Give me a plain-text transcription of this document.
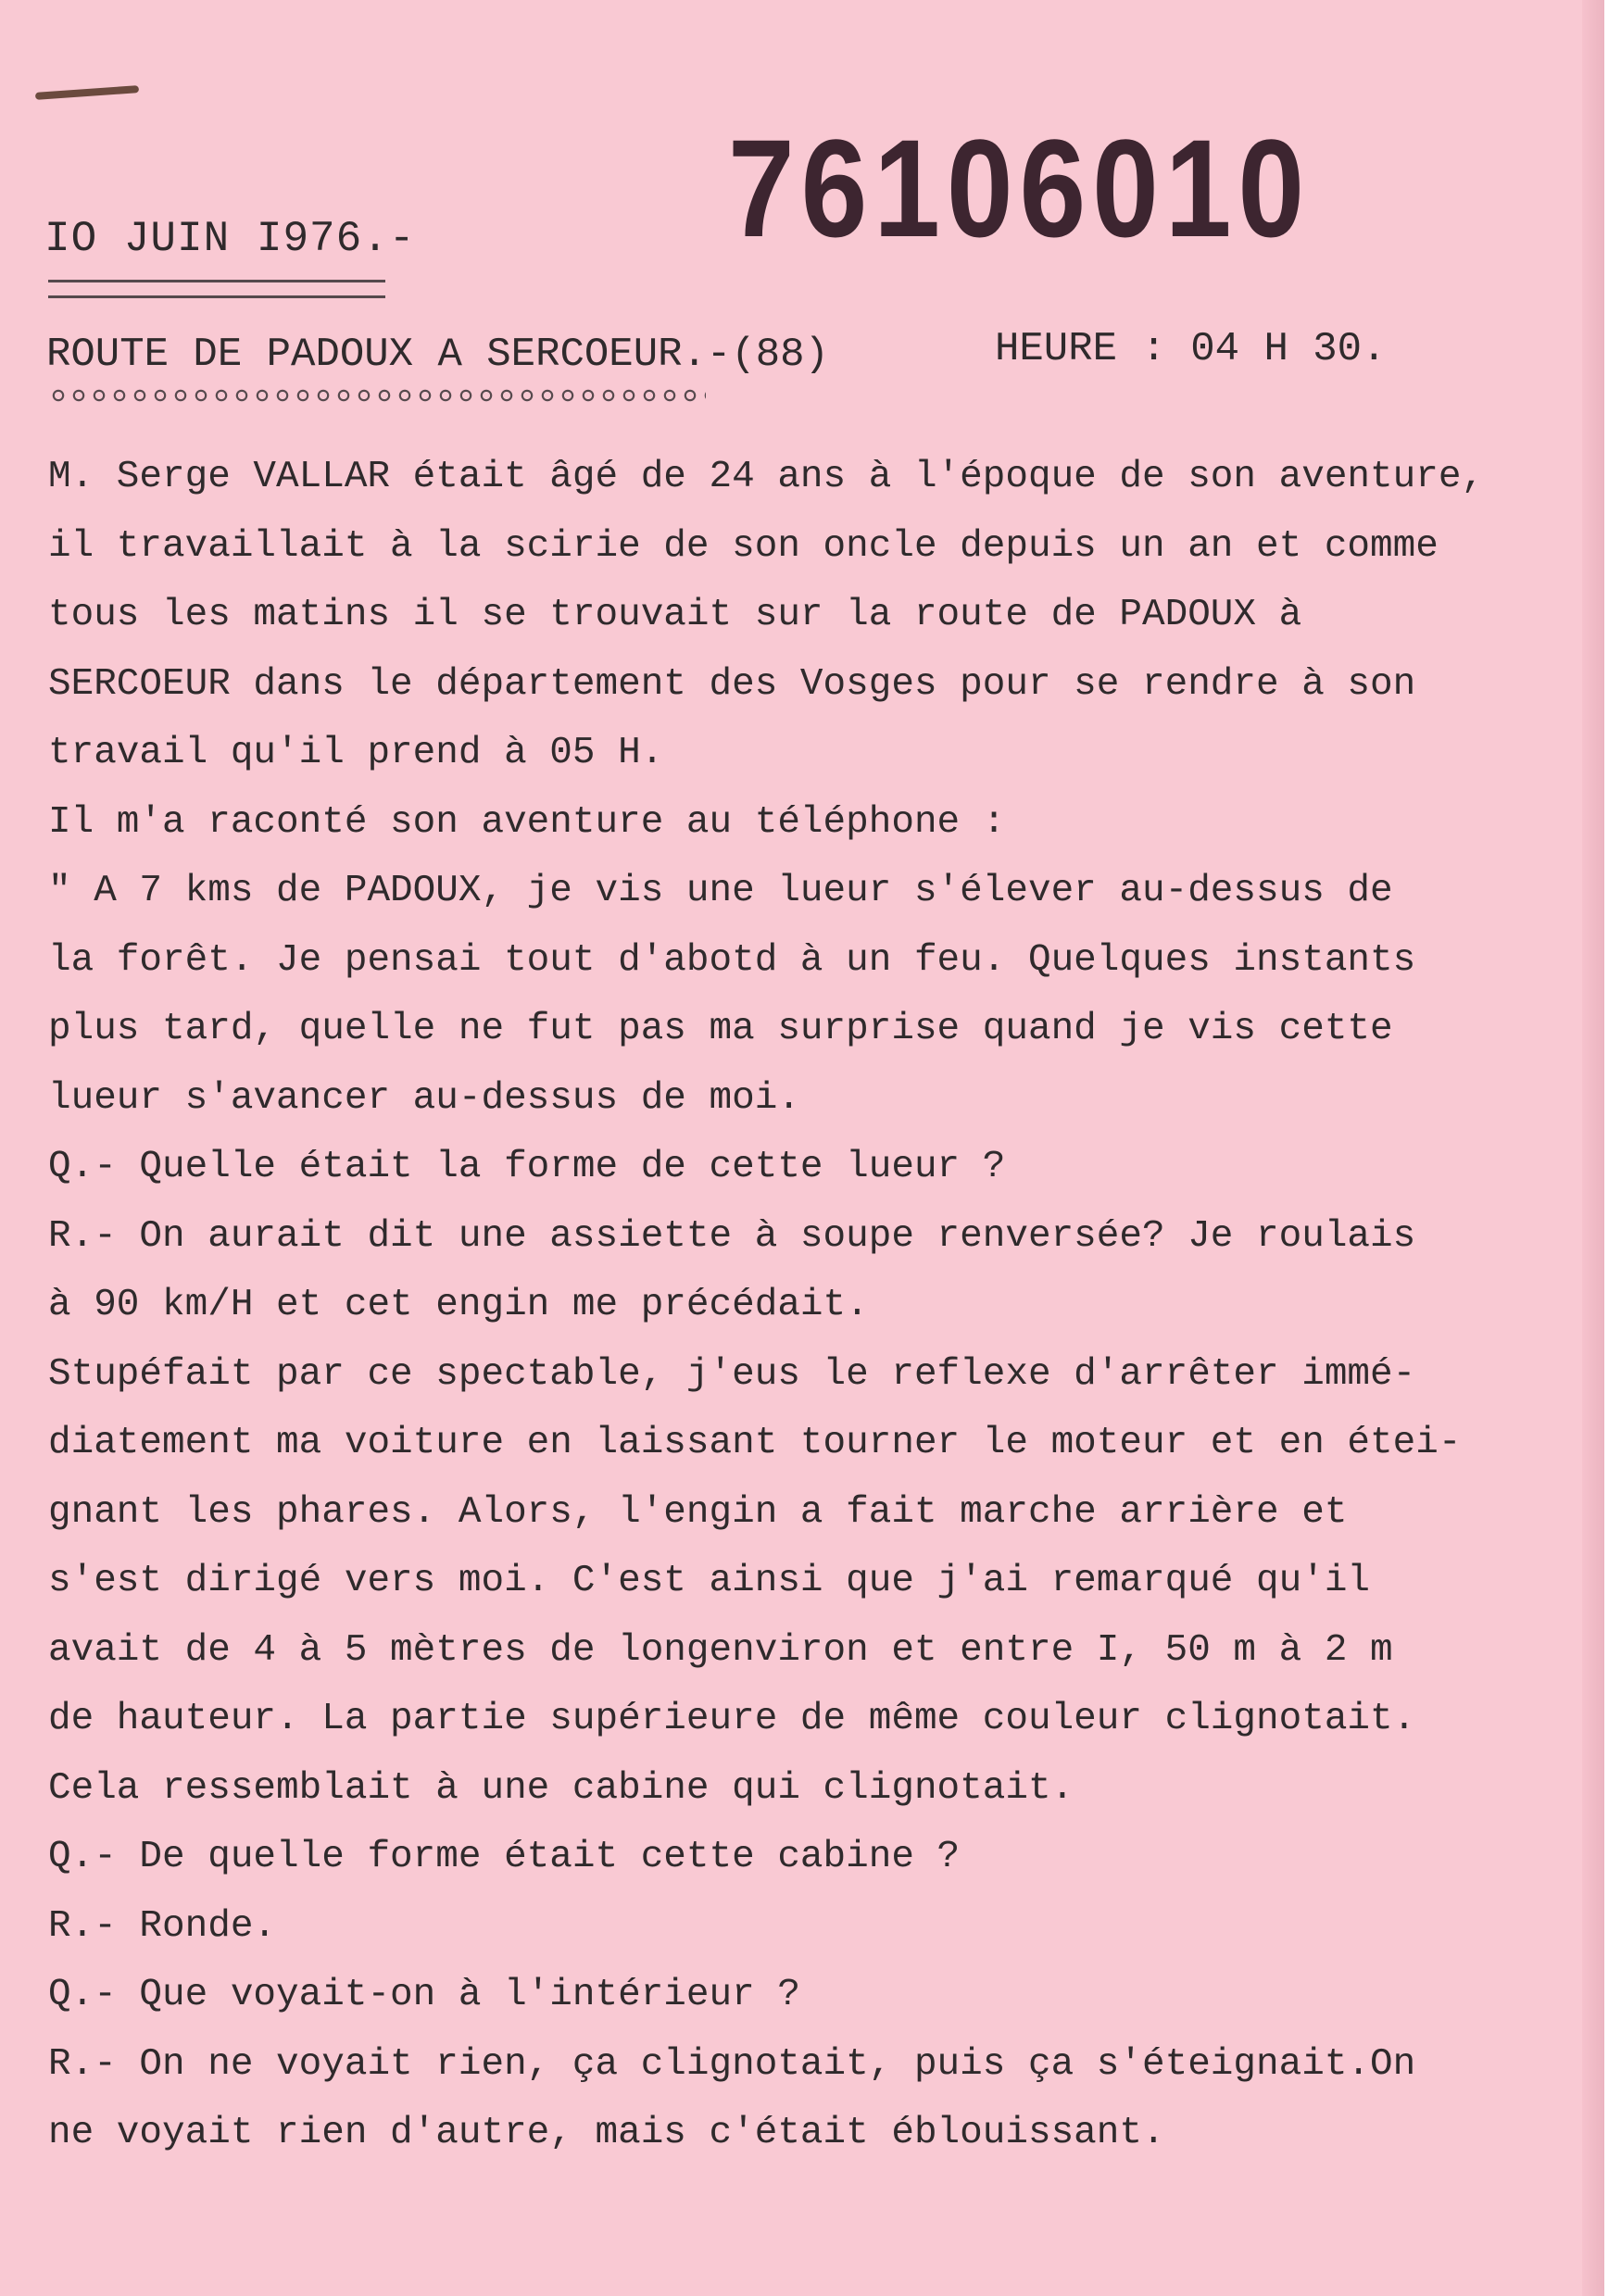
76106010
IO JUIN I976.-
ROUTE DE PADOUX A SERCOEUR.-(88)	HEURE : 04 H 30.
M. Serge VALLAR était âgé de 24 ans à l'époque de son aventure,
il travaillait à la scirie de son oncle depuis un an et comme
tous les matins il se trouvait sur la route de PADOUX à
SERCOEUR dans le département des Vosges pour se rendre à son
travail qu'il prend à 05 H.
Il m'a raconté son aventure au téléphone :
" A 7 kms de PADOUX, je vis une lueur s'élever au-dessus de
la forêt. Je pensai tout d'abotd à un feu. Quelques instants
plus tard, quelle ne fut pas ma surprise quand je vis cette
lueur s'avancer au-dessus de moi.
Q.- Quelle était la forme de cette lueur ?
R.- On aurait dit une assiette à soupe renversée? Je roulais
à 90 km/H et cet engin me précédait.
Stupéfait par ce spectable, j'eus le reflexe d'arrêter immé-
diatement ma voiture en laissant tourner le moteur et en étei-
gnant les phares. Alors, l'engin a fait marche arrière et
s'est dirigé vers moi. C'est ainsi que j'ai remarqué qu'il
avait de 4 à 5 mètres de longenviron et entre I, 50 m à 2 m
de hauteur. La partie supérieure de même couleur clignotait.
Cela ressemblait à une cabine qui clignotait.
Q.- De quelle forme était cette cabine ?
R.- Ronde.
Q.- Que voyait-on à l'intérieur ?
R.- On ne voyait rien, ça clignotait, puis ça s'éteignait.On
ne voyait rien d'autre, mais c'était éblouissant.
